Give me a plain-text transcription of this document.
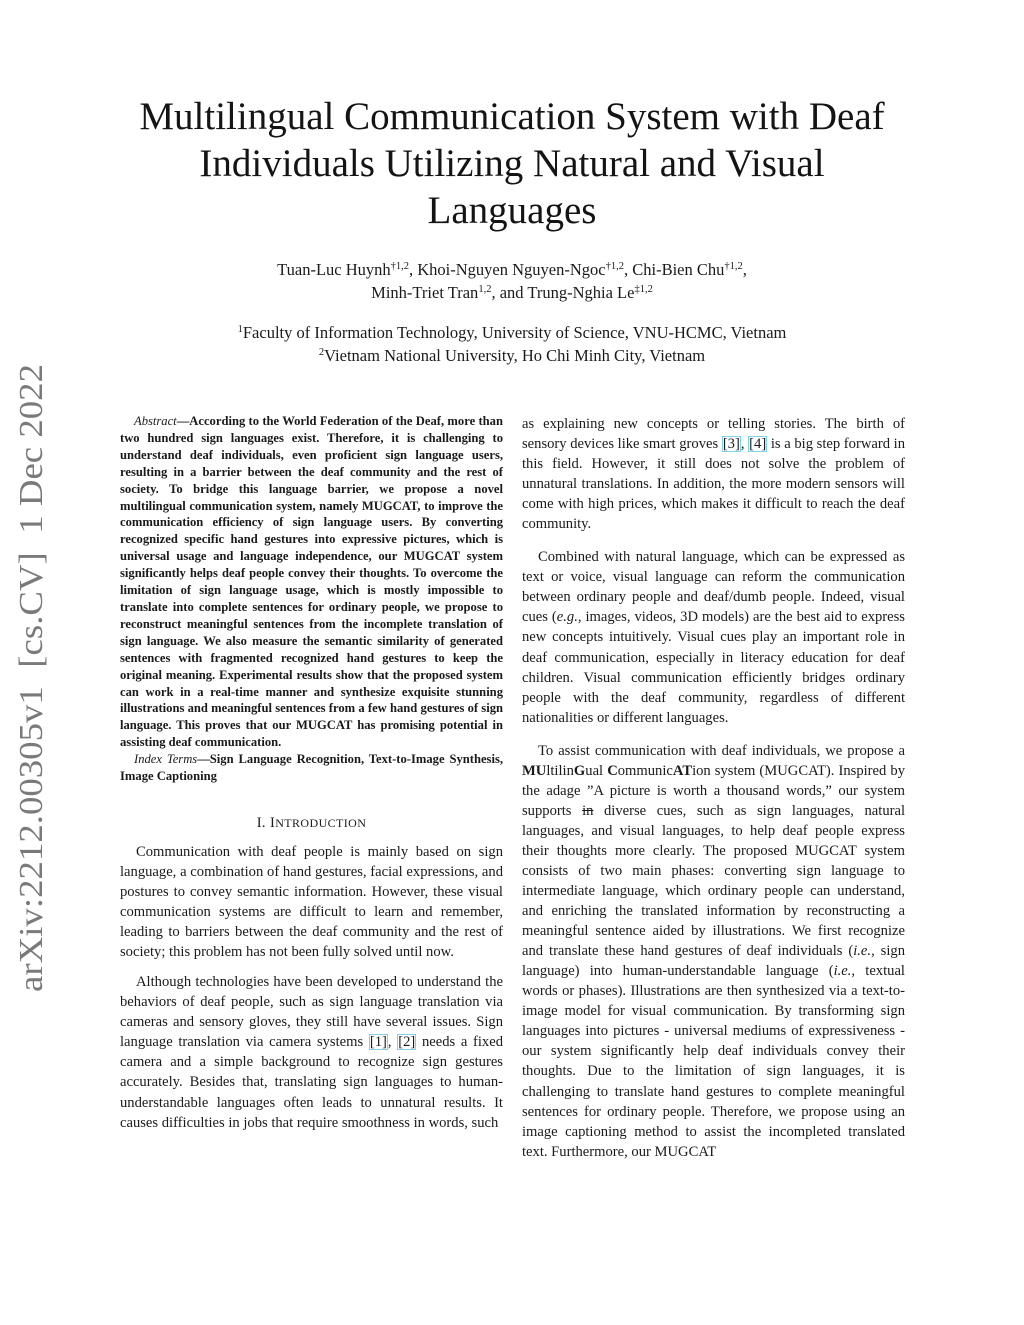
arXiv:2212.00305v1  [cs.CV]  1 Dec 2022
Multilingual Communication System with Deaf Individuals Utilizing Natural and Visual Languages
Tuan-Luc Huynh$^{\dagger 1,2}$, Khoi-Nguyen Nguyen-Ngoc$^{\dagger 1,2}$, Chi-Bien Chu$^{\dagger 1,2}$,
Minh-Triet Tran$^{1,2}$, and Trung-Nghia Le$^{\ddagger 1,2}$
$^1$Faculty of Information Technology, University of Science, VNU-HCMC, Vietnam
$^2$Vietnam National University, Ho Chi Minh City, Vietnam

Abstract—According to the World Federation of the Deaf, more than two hundred sign languages exist. Therefore, it is challenging to understand deaf individuals, even proficient sign language users, resulting in a barrier between the deaf community and the rest of society. To bridge this language barrier, we propose a novel multilingual communication system, namely MUGCAT, to improve the communication efficiency of sign language users. By converting recognized specific hand gestures into expressive pictures, which is universal usage and language independence, our MUGCAT system significantly helps deaf people convey their thoughts. To overcome the limitation of sign language usage, which is mostly impossible to translate into complete sentences for ordinary people, we propose to reconstruct meaningful sentences from the incomplete translation of sign language. We also measure the semantic similarity of generated sentences with fragmented recognized hand gestures to keep the original meaning. Experimental results show that the proposed system can work in a real-time manner and synthesize exquisite stunning illustrations and meaningful sentences from a few hand gestures of sign language. This proves that our MUGCAT has promising potential in assisting deaf communication.

Index Terms—Sign Language Recognition, Text-to-Image Synthesis, Image Captioning

I. INTRODUCTION

Communication with deaf people is mainly based on sign language, a combination of hand gestures, facial expressions, and postures to convey semantic information. However, these visual communication systems are difficult to learn and remember, leading to barriers between the deaf community and the rest of society; this problem has not been fully solved until now.

Although technologies have been developed to understand the behaviors of deaf people, such as sign language translation via cameras and sensory gloves, they still have several issues. Sign language translation via camera systems [1], [2] needs a fixed camera and a simple background to recognize sign gestures accurately. Besides that, translating sign languages to human-understandable languages often leads to unnatural results. It causes difficulties in jobs that require smoothness in words, such

as explaining new concepts or telling stories. The birth of sensory devices like smart groves [3], [4] is a big step forward in this field. However, it still does not solve the problem of unnatural translations. In addition, the more modern sensors will come with high prices, which makes it difficult to reach the deaf community.

Combined with natural language, which can be expressed as text or voice, visual language can reform the communication between ordinary people and deaf/dumb people. Indeed, visual cues (e.g., images, videos, 3D models) are the best aid to express new concepts intuitively. Visual cues play an important role in deaf communication, especially in literacy education for deaf children. Visual communication efficiently bridges ordinary people with the deaf community, regardless of different nationalities or different languages.

To assist communication with deaf individuals, we propose a MUltilinGual CommunicATion system (MUGCAT). Inspired by the adage ”A picture is worth a thousand words,” our system supports in diverse cues, such as sign languages, natural languages, and visual languages, to help deaf people express their thoughts more clearly. The proposed MUGCAT system consists of two main phases: converting sign language to intermediate language, which ordinary people can understand, and enriching the translated information by reconstructing a meaningful sentence aided by illustrations. We first recognize and translate these hand gestures of deaf individuals (i.e., sign language) into human-understandable language (i.e., textual words or phases). Illustrations are then synthesized via a text-to-image model for visual communication. By transforming sign languages into pictures - universal mediums of expressiveness - our system significantly help deaf individuals convey their thoughts. Due to the limitation of sign languages, it is challenging to translate hand gestures to complete meaningful sentences for ordinary people. Therefore, we propose using an image captioning method to assist the incompleted translated text. Furthermore, our MUGCAT
